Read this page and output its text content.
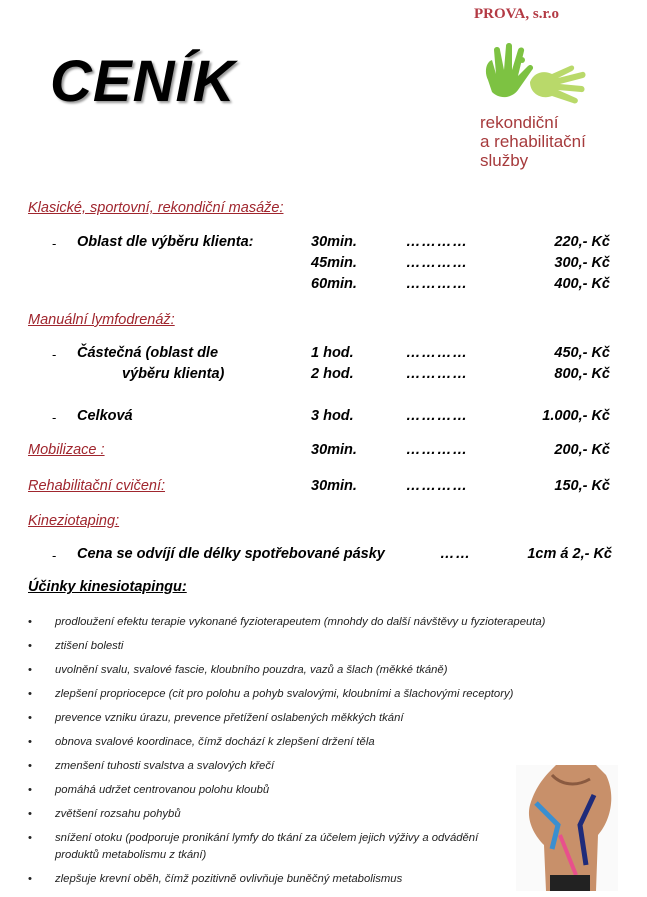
PROVA, s.r.o
CENÍK
rekondiční
a rehabilitační
služby
Klasické, sportovní, rekondiční masáže:
- Oblast dle výběru klienta:	30min.	…………	220,- Kč
45min.	…………	300,- Kč
60min.	…………	400,- Kč
Manuální lymfodrenáž:
- Částečná (oblast dle
výběru klienta)
1 hod.	…………	450,- Kč
2 hod.	…………	800,- Kč
- Celková	3 hod.	…………	1.000,- Kč
Mobilizace :	30min.	…………	200,- Kč
Rehabilitační cvičení:	30min.	…………	150,- Kč
Kineziotaping:
- Cena se odvíjí dle délky spotřebované pásky	……	1cm á 2,- Kč
Účinky kinesiotapingu:
• prodloužení efektu terapie vykonané fyzioterapeutem (mnohdy do další návštěvy u fyzioterapeuta)
• ztišení bolesti
• uvolnění svalu, svalové fascie, kloubního pouzdra, vazů a šlach (měkké tkáně)
• zlepšení propriocepce (cit pro polohu a pohyb svalovými, kloubními a šlachovými receptory)
• prevence vzniku úrazu, prevence přetížení oslabených měkkých tkání
• obnova svalové koordinace, čímž dochází k zlepšení držení těla
• zmenšení tuhosti svalstva a svalových křečí
• pomáhá udržet centrovanou polohu kloubů
• zvětšení rozsahu pohybů
• snížení otoku (podporuje pronikání lymfy do tkání za účelem jejich výživy a odvádění produktů metabolismu z tkání)
• zlepšuje krevní oběh, čímž pozitivně ovlivňuje buněčný metabolismus
